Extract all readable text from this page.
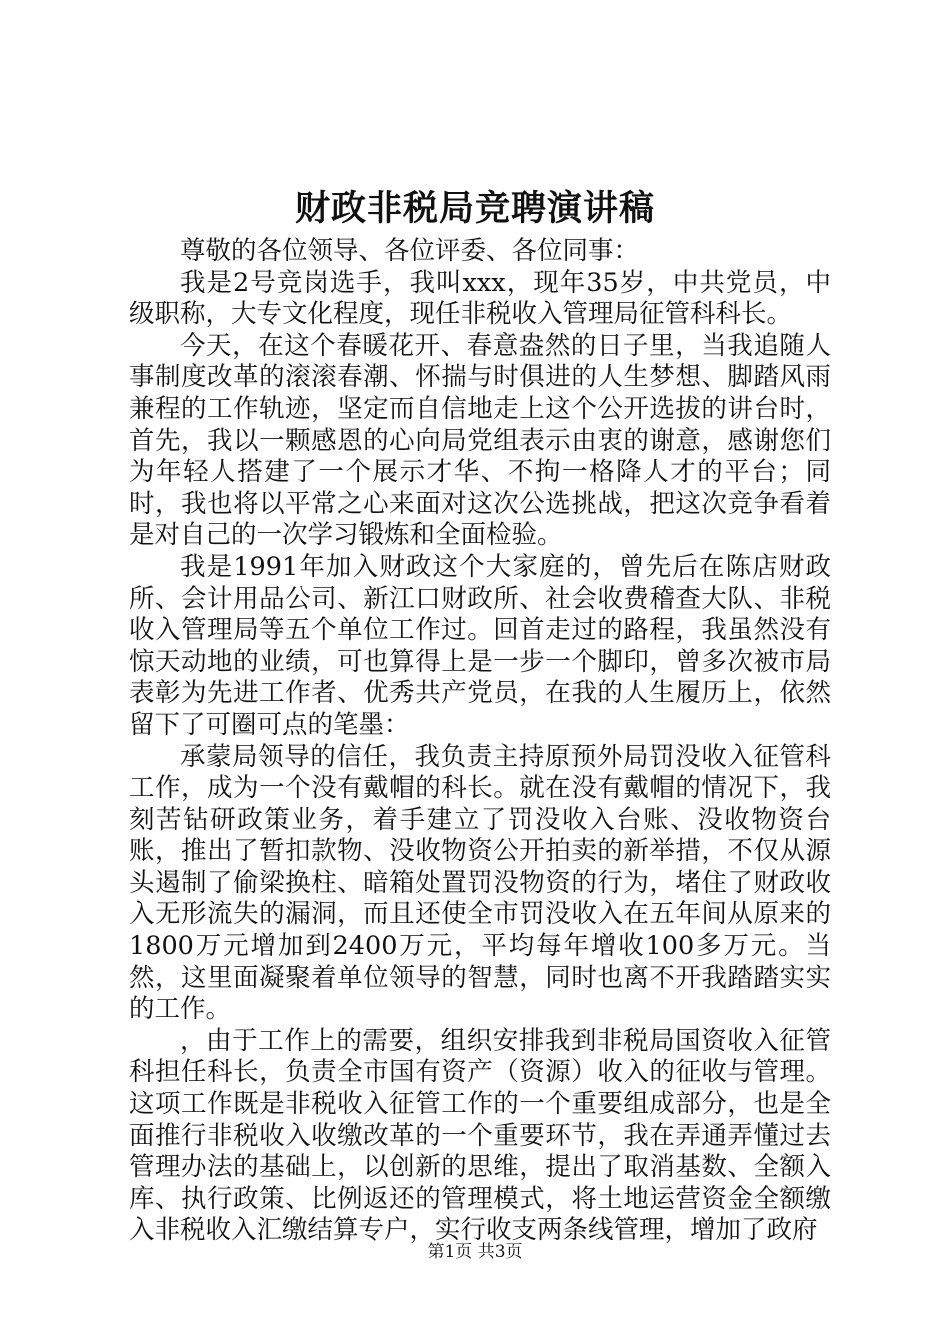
财政非税局竞聘演讲稿

尊敬的各位领导、各位评委、各位同事：

我是2号竞岗选手，我叫xxx，现年35岁，中共党员，中级职称，大专文化程度，现任非税收入管理局征管科科长。

今天，在这个春暖花开、春意盎然的日子里，当我追随人事制度改革的滚滚春潮、怀揣与时俱进的人生梦想、脚踏风雨兼程的工作轨迹，坚定而自信地走上这个公开选拔的讲台时，首先，我以一颗感恩的心向局党组表示由衷的谢意，感谢您们为年轻人搭建了一个展示才华、不拘一格降人才的平台；同时，我也将以平常之心来面对这次公选挑战，把这次竞争看着是对自己的一次学习锻炼和全面检验。

我是1991年加入财政这个大家庭的，曾先后在陈店财政所、会计用品公司、新江口财政所、社会收费稽查大队、非税收入管理局等五个单位工作过。回首走过的路程，我虽然没有惊天动地的业绩，可也算得上是一步一个脚印，曾多次被市局表彰为先进工作者、优秀共产党员，在我的人生履历上，依然留下了可圈可点的笔墨：

承蒙局领导的信任，我负责主持原预外局罚没收入征管科工作，成为一个没有戴帽的科长。就在没有戴帽的情况下，我刻苦钻研政策业务，着手建立了罚没收入台账、没收物资台账，推出了暂扣款物、没收物资公开拍卖的新举措，不仅从源头遏制了偷梁换柱、暗箱处置罚没物资的行为，堵住了财政收入无形流失的漏洞，而且还使全市罚没收入在五年间从原来的1800万元增加到2400万元，平均每年增收100多万元。当然，这里面凝聚着单位领导的智慧，同时也离不开我踏踏实实的工作。

，由于工作上的需要，组织安排我到非税局国资收入征管科担任科长，负责全市国有资产（资源）收入的征收与管理。这项工作既是非税收入征管工作的一个重要组成部分，也是全面推行非税收入收缴改革的一个重要环节，我在弄通弄懂过去管理办法的基础上，以创新的思维，提出了取消基数、全额入库、执行政策、比例返还的管理模式，将土地运营资金全额缴入非税收入汇缴结算专户，实行收支两条线管理，增加了政府

第1页 共3页
